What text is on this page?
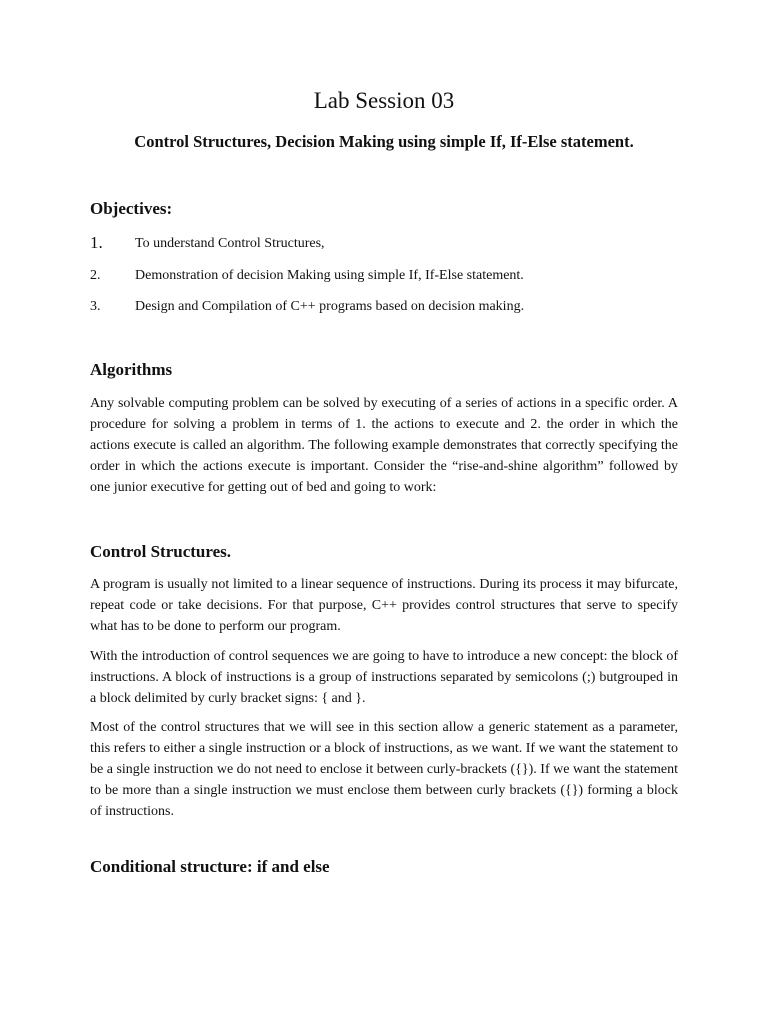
Lab Session 03
Control Structures, Decision Making using simple If, If-Else statement.
Objectives:
1. To understand Control Structures,
2. Demonstration of decision Making using simple If, If-Else statement.
3. Design and Compilation of C++ programs based on decision making.
Algorithms

Any solvable computing problem can be solved by executing of a series of actions in a specific order. A procedure for solving a problem in terms of 1. the actions to execute and 2. the order in which the actions execute is called an algorithm. The following example demonstrates that correctly specifying the order in which the actions execute is important. Consider the “rise-and-shine algorithm” followed by one junior executive for getting out of bed and going to work:

Control Structures.

A program is usually not limited to a linear sequence of instructions. During its process it may bifurcate, repeat code or take decisions. For that purpose, C++ provides control structures that serve to specify what has to be done to perform our program.

With the introduction of control sequences we are going to have to introduce a new concept: the block of instructions. A block of instructions is a group of instructions separated by semicolons (;) butgrouped in a block delimited by curly bracket signs: { and }.

Most of the control structures that we will see in this section allow a generic statement as a parameter, this refers to either a single instruction or a block of instructions, as we want. If we want the statement to be a single instruction we do not need to enclose it between curly-brackets ({}). If we want the statement to be more than a single instruction we must enclose them between curly brackets ({}) forming a block of instructions.

Conditional structure: if and else
